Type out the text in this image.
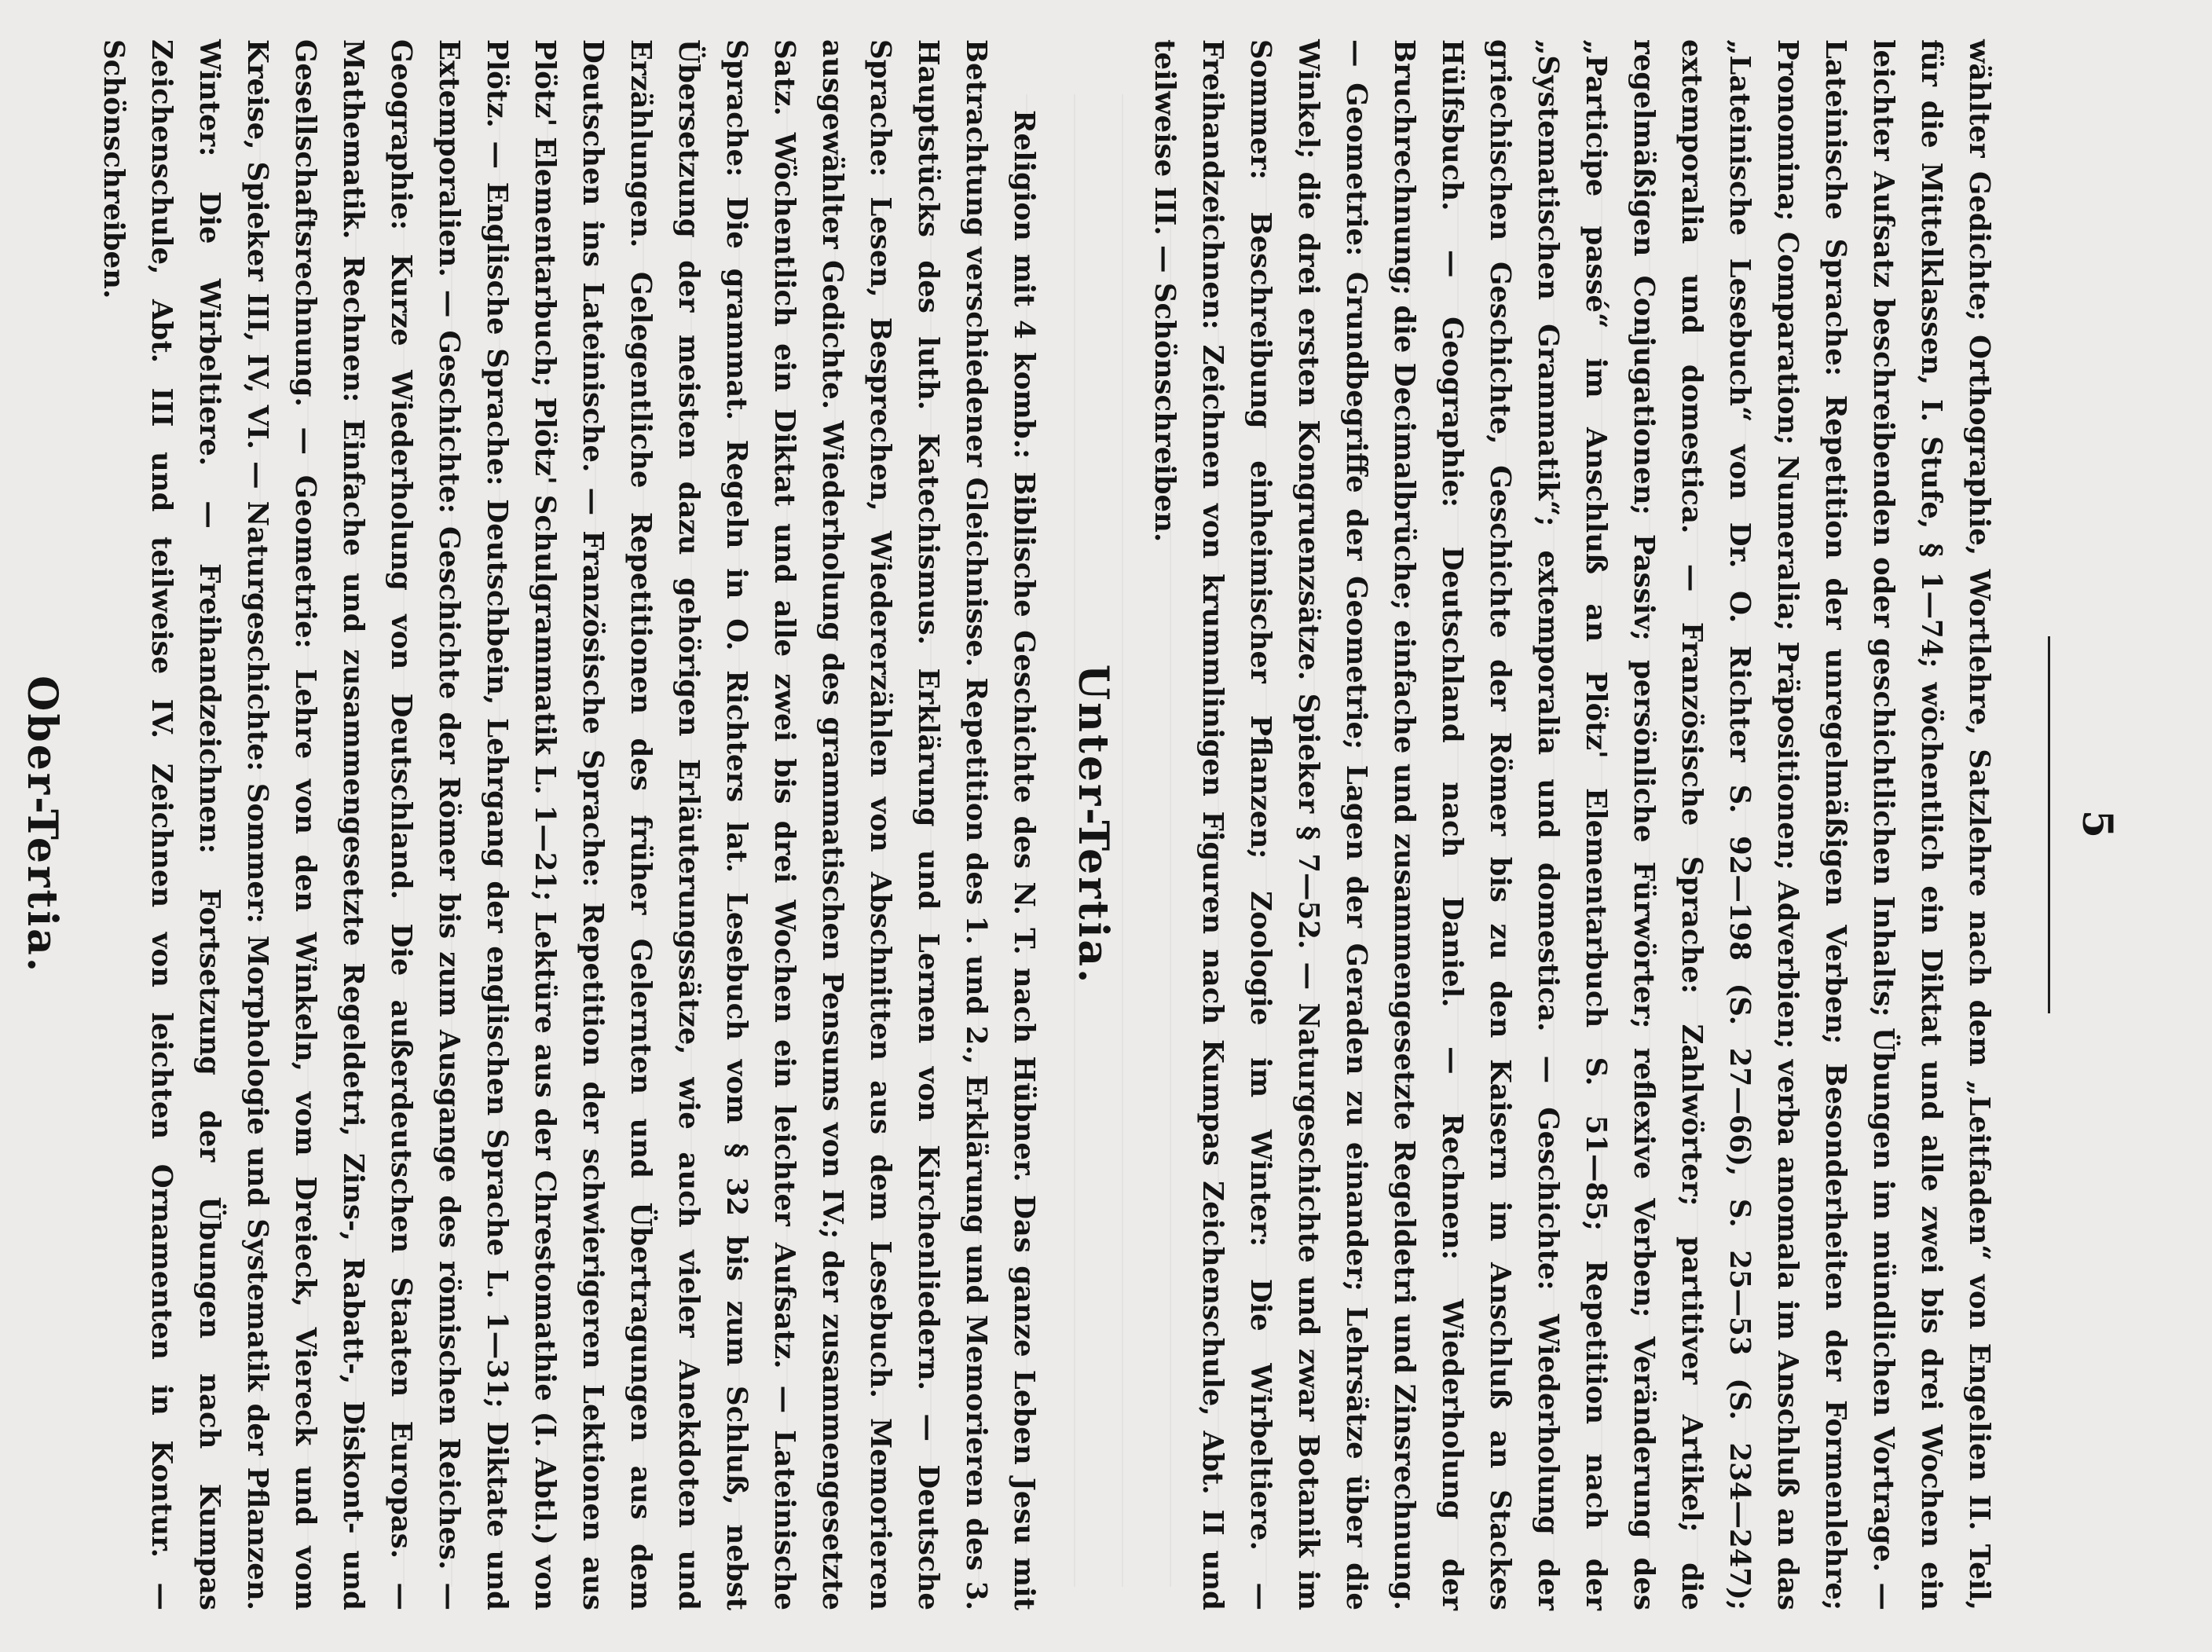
5

wählter Gedichte; Orthographie, Wortlehre, Satzlehre nach dem „Leitfaden“ von Engelien II. Teil, für die Mittelklassen, I. Stufe, § 1—74; wöchentlich ein Diktat und alle zwei bis drei Wochen ein leichter Aufsatz beschreibenden oder geschichtlichen Inhalts; Übungen im mündlichen Vortrage. — Lateinische Sprache: Repetition der unregelmäßigen Verben; Besonderheiten der Formenlehre; Pronomina; Comparation; Numeralia; Präpositionen; Adverbien; verba anomala im Anschluß an das „Lateinische Lesebuch“ von Dr. O. Richter S. 92—198 (S. 27—66), S. 25—53 (S. 234—247); extemporalia und domestica. — Französische Sprache: Zahlwörter; partitiver Artikel; die regelmäßigen Conjugationen; Passiv; persönliche Fürwörter; reflexive Verben; Veränderung des „Participe passé“ im Anschluß an Plötz' Elementarbuch S. 51—85; Repetition nach der „Systematischen Grammatik“; extemporalia und domestica. — Geschichte: Wiederholung der griechischen Geschichte, Geschichte der Römer bis zu den Kaisern im Anschluß an Stackes Hülfsbuch. — Geographie: Deutschland nach Daniel. — Rechnen: Wiederholung der Bruchrechnung; die Decimalbrüche; einfache und zusammengesetzte Regeldetri und Zinsrechnung. — Geometrie: Grundbegriffe der Geometrie; Lagen der Geraden zu einander; Lehrsätze über die Winkel; die drei ersten Kongruenzsätze. Spieker § 7—52. — Naturgeschichte und zwar Botanik im Sommer: Beschreibung einheimischer Pflanzen; Zoologie im Winter: Die Wirbeltiere. — Freihandzeichnen: Zeichnen von krummlinigen Figuren nach Kumpas Zeichenschule, Abt. II und teilweise III. — Schönschreiben.

Unter-Tertia.

Religion mit 4 komb.: Biblische Geschichte des N. T. nach Hübner. Das ganze Leben Jesu mit Betrachtung verschiedener Gleichnisse. Repetition des 1. und 2., Erklärung und Memorieren des 3. Hauptstücks des luth. Katechismus. Erklärung und Lernen von Kirchenliedern. — Deutsche Sprache: Lesen, Besprechen, Wiedererzählen von Abschnitten aus dem Lesebuch. Memorieren ausgewählter Gedichte. Wiederholung des grammatischen Pensums von IV.; der zusammengesetzte Satz. Wöchentlich ein Diktat und alle zwei bis drei Wochen ein leichter Aufsatz. — Lateinische Sprache: Die grammat. Regeln in O. Richters lat. Lesebuch vom § 32 bis zum Schluß, nebst Übersetzung der meisten dazu gehörigen Erläuterungssätze, wie auch vieler Anekdoten und Erzählungen. Gelegentliche Repetitionen des früher Gelernten und Übertragungen aus dem Deutschen ins Lateinische. — Französische Sprache: Repetition der schwierigeren Lektionen aus Plötz' Elementarbuch; Plötz' Schulgrammatik L. 1—21; Lektüre aus der Chrestomathie (I. Abtl.) von Plötz. — Englische Sprache: Deutschbein, Lehrgang der englischen Sprache L. 1—31; Diktate und Extemporalien. — Geschichte: Geschichte der Römer bis zum Ausgange des römischen Reiches. — Geographie: Kurze Wiederholung von Deutschland. Die außerdeutschen Staaten Europas. — Mathematik. Rechnen: Einfache und zusammengesetzte Regeldetri, Zins-, Rabatt-, Diskont- und Gesellschaftsrechnung. — Geometrie: Lehre von den Winkeln, vom Dreieck, Viereck und vom Kreise, Spieker III, IV, VI. — Naturgeschichte: Sommer: Morphologie und Systematik der Pflanzen. Winter: Die Wirbeltiere. — Freihandzeichnen: Fortsetzung der Übungen nach Kumpas Zeichenschule, Abt. III und teilweise IV. Zeichnen von leichten Ornamenten in Kontur. — Schönschreiben.

Ober-Tertia.
